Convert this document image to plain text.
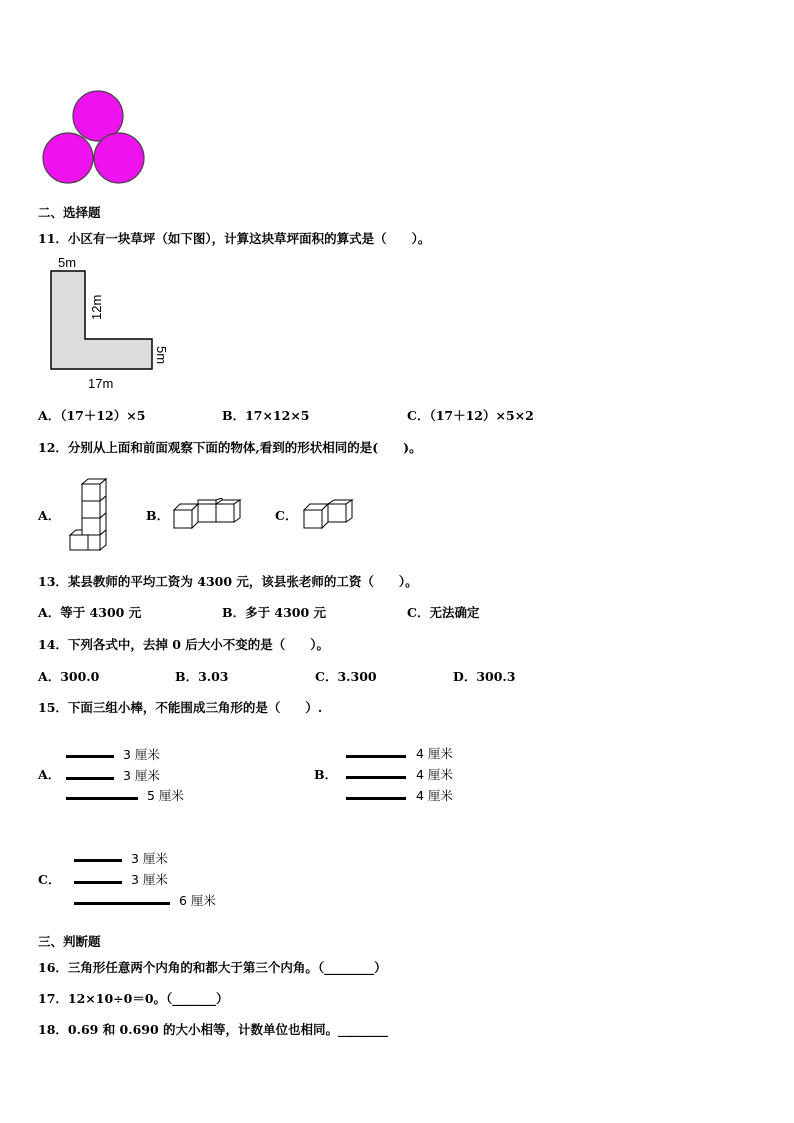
二、选择题
11．小区有一块草坪（如下图），计算这块草坪面积的算式是（　　）。
5m
12m
5m
17m
A．（17＋12）×5	B．17×12×5	C．（17＋12）×5×2
12．分别从上面和前面观察下面的物体,看到的形状相同的是(　　)。
A．	B．	C．
13．某县教师的平均工资为 4300 元，该县张老师的工资（　　）。
A．等于 4300 元	B．多于 4300 元	C．无法确定
14．下列各式中，去掉 0 后大小不变的是（　　）。
A．300.0	B．3.03	C．3.300	D．300.3
15．下面三组小棒，不能围成三角形的是（　　）.
A．
3 厘米
3 厘米
5 厘米
B．
4 厘米
4 厘米
4 厘米
C．
3 厘米
3 厘米
6 厘米
三、判断题
16．三角形任意两个内角的和都大于第三个内角。（________）
17．12×10÷0＝0。（_______）
18．0.69 和 0.690 的大小相等，计数单位也相同。________
